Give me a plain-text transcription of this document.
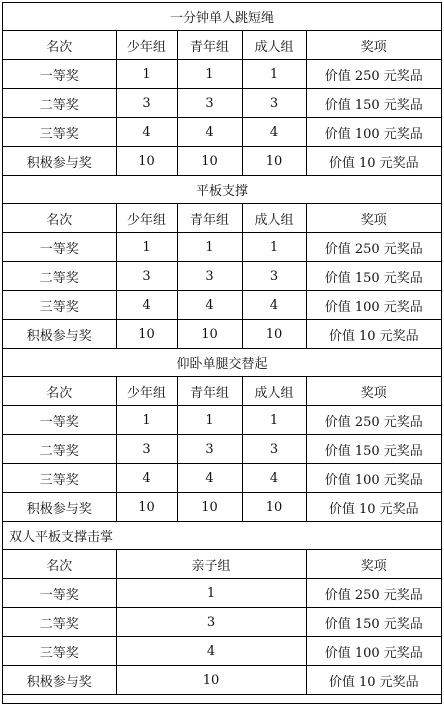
一分钟单人跳短绳				
名次	少年组	青年组	成人组	奖项
一等奖	1	1	1	价值 250 元奖品
二等奖	3	3	3	价值 150 元奖品
三等奖	4	4	4	价值 100 元奖品
积极参与奖	10	10	10	价值 10 元奖品
平板支撑				
名次	少年组	青年组	成人组	奖项
一等奖	1	1	1	价值 250 元奖品
二等奖	3	3	3	价值 150 元奖品
三等奖	4	4	4	价值 100 元奖品
积极参与奖	10	10	10	价值 10 元奖品
仰卧单腿交替起				
名次	少年组	青年组	成人组	奖项
一等奖	1	1	1	价值 250 元奖品
二等奖	3	3	3	价值 150 元奖品
三等奖	4	4	4	价值 100 元奖品
积极参与奖	10	10	10	价值 10 元奖品
双人平板支撑击掌				
名次	亲子组			奖项
一等奖	1			价值 250 元奖品
二等奖	3			价值 150 元奖品
三等奖	4			价值 100 元奖品
积极参与奖	10			价值 10 元奖品
